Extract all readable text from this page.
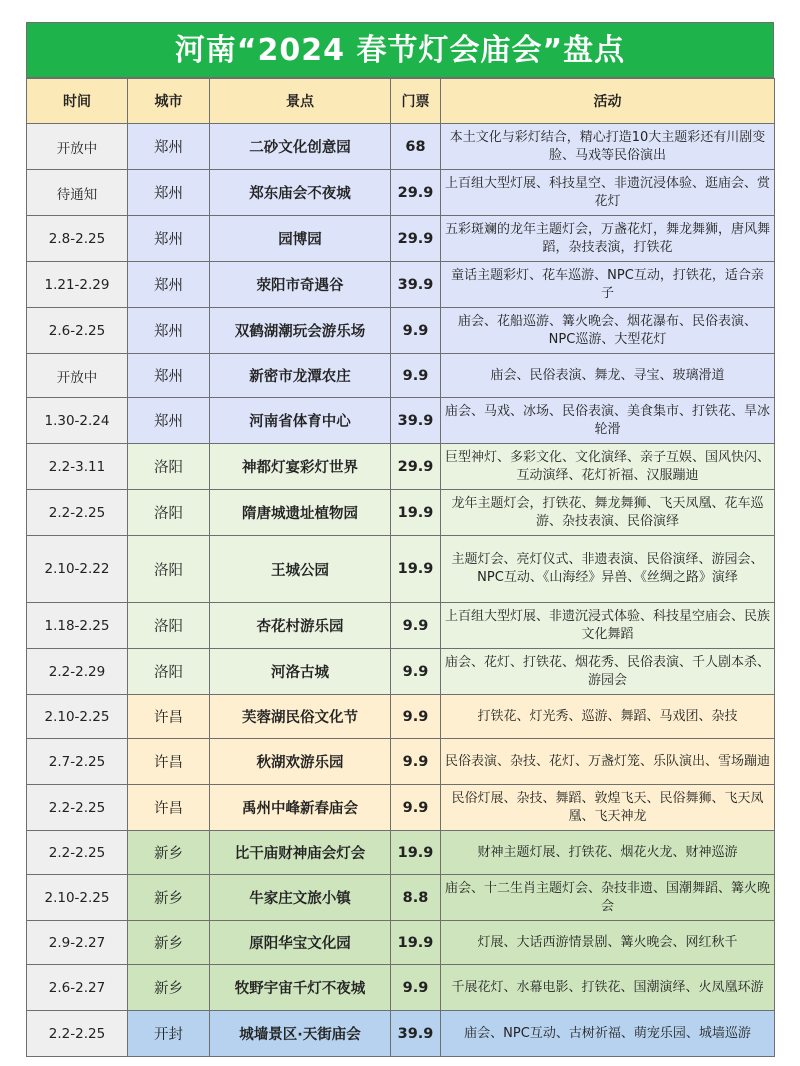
河南“2024 春节灯会庙会”盘点
时间	城市	景点	门票	活动
开放中	郑州	二砂文化创意园	68	本土文化与彩灯结合，精心打造10大主题彩还有川剧变脸、马戏等民俗演出
待通知	郑州	郑东庙会不夜城	29.9	上百组大型灯展、科技星空、非遗沉浸体验、逛庙会、赏花灯
2.8-2.25	郑州	园博园	29.9	五彩斑斓的龙年主题灯会，万盏花灯，舞龙舞狮，唐风舞蹈，杂技表演，打铁花
1.21-2.29	郑州	荥阳市奇遇谷	39.9	童话主题彩灯、花车巡游、NPC互动，打铁花，适合亲子
2.6-2.25	郑州	双鹤湖潮玩会游乐场	9.9	庙会、花船巡游、篝火晚会、烟花瀑布、民俗表演、NPC巡游、大型花灯
开放中	郑州	新密市龙潭农庄	9.9	庙会、民俗表演、舞龙、寻宝、玻璃滑道
1.30-2.24	郑州	河南省体育中心	39.9	庙会、马戏、冰场、民俗表演、美食集市、打铁花、旱冰轮滑
2.2-3.11	洛阳	神都灯宴彩灯世界	29.9	巨型神灯、多彩文化、文化演绎、亲子互娱、国风快闪、互动演绎、花灯祈福、汉服蹦迪
2.2-2.25	洛阳	隋唐城遗址植物园	19.9	龙年主题灯会，打铁花、舞龙舞狮、飞天凤凰、花车巡游、杂技表演、民俗演绎
2.10-2.22	洛阳	王城公园	19.9	主题灯会、亮灯仪式、非遗表演、民俗演绎、游园会、NPC互动、《山海经》异兽、《丝绸之路》演绎
1.18-2.25	洛阳	杏花村游乐园	9.9	上百组大型灯展、非遗沉浸式体验、科技星空庙会、民族文化舞蹈
2.2-2.29	洛阳	河洛古城	9.9	庙会、花灯、打铁花、烟花秀、民俗表演、千人剧本杀、游园会
2.10-2.25	许昌	芙蓉湖民俗文化节	9.9	打铁花、灯光秀、巡游、舞蹈、马戏团、杂技
2.7-2.25	许昌	秋湖欢游乐园	9.9	民俗表演、杂技、花灯、万盏灯笼、乐队演出、雪场蹦迪
2.2-2.25	许昌	禹州中峰新春庙会	9.9	民俗灯展、杂技、舞蹈、敦煌飞天、民俗舞狮、飞天凤凰、飞天神龙
2.2-2.25	新乡	比干庙财神庙会灯会	19.9	财神主题灯展、打铁花、烟花火龙、财神巡游
2.10-2.25	新乡	牛家庄文旅小镇	8.8	庙会、十二生肖主题灯会、杂技非遗、国潮舞蹈、篝火晚会
2.9-2.27	新乡	原阳华宝文化园	19.9	灯展、大话西游情景剧、篝火晚会、网红秋千
2.6-2.27	新乡	牧野宇宙千灯不夜城	9.9	千展花灯、水幕电影、打铁花、国潮演绎、火凤凰环游
2.2-2.25	开封	城墙景区·天街庙会	39.9	庙会、NPC互动、古树祈福、萌宠乐园、城墙巡游
